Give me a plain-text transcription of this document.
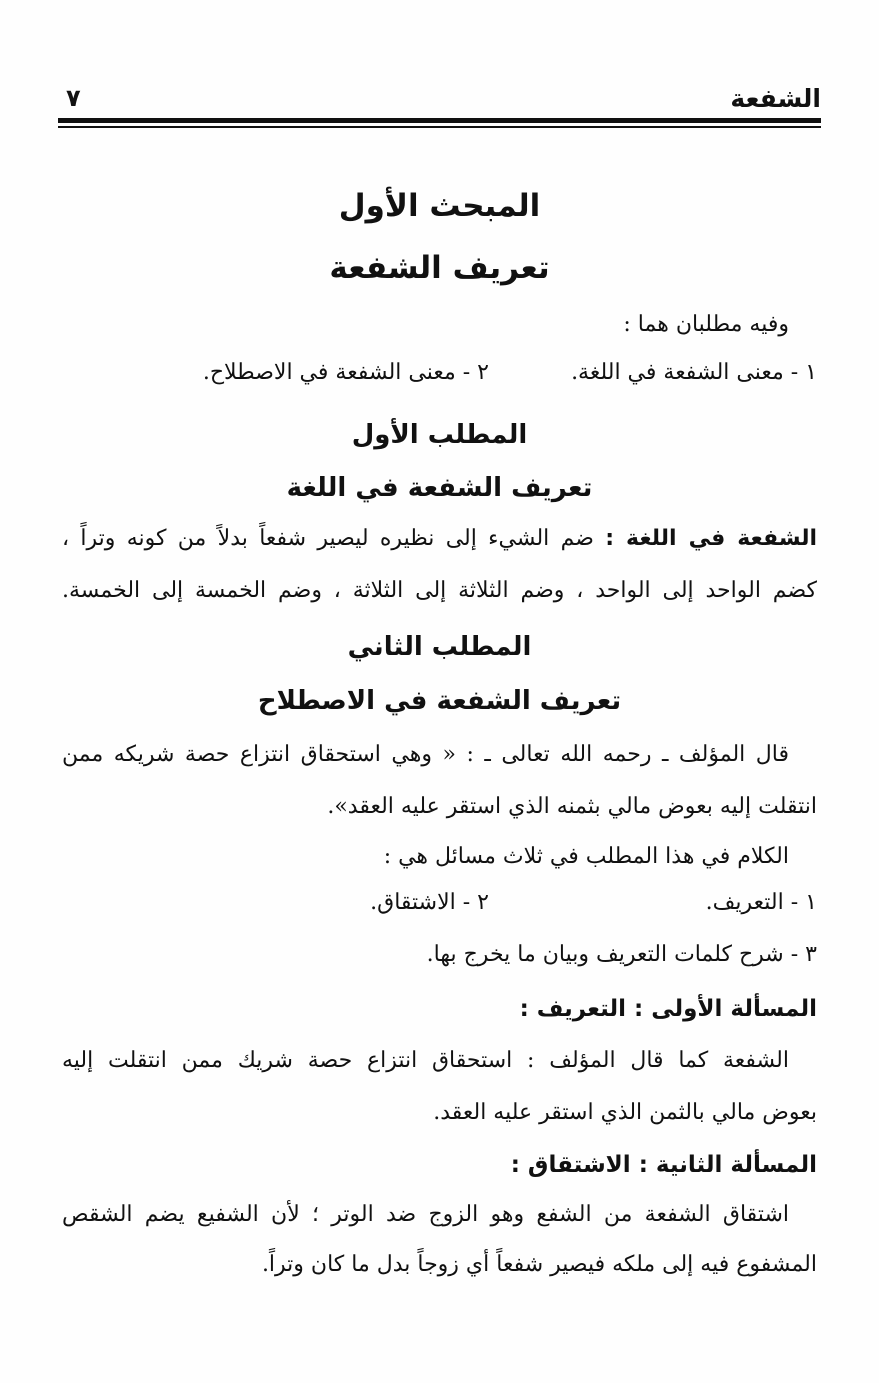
الشفعة
٧
المبحث الأول
تعريف الشفعة
وفيه مطلبان هما :
١ - معنى الشفعة في اللغة.
٢ - معنى الشفعة في الاصطلاح.
المطلب الأول
تعريف الشفعة في اللغة
الشفعة في اللغة : ضم الشيء إلى نظيره ليصير شفعاً بدلاً من كونه وتراً ،
كضم الواحد إلى الواحد ، وضم الثلاثة إلى الثلاثة ، وضم الخمسة إلى الخمسة.
المطلب الثاني
تعريف الشفعة في الاصطلاح
قال المؤلف ـ رحمه الله تعالى ـ : « وهي استحقاق انتزاع حصة شريكه ممن
انتقلت إليه بعوض مالي بثمنه الذي استقر عليه العقد».
الكلام في هذا المطلب في ثلاث مسائل هي :
١ - التعريف.
٢ - الاشتقاق.
٣ - شرح كلمات التعريف وبيان ما يخرج بها.
المسألة الأولى : التعريف :
الشفعة كما قال المؤلف : استحقاق انتزاع حصة شريك ممن انتقلت إليه
بعوض مالي بالثمن الذي استقر عليه العقد.
المسألة الثانية : الاشتقاق :
اشتقاق الشفعة من الشفع وهو الزوج ضد الوتر ؛ لأن الشفيع يضم الشقص
المشفوع فيه إلى ملكه فيصير شفعاً أي زوجاً بدل ما كان وتراً.
